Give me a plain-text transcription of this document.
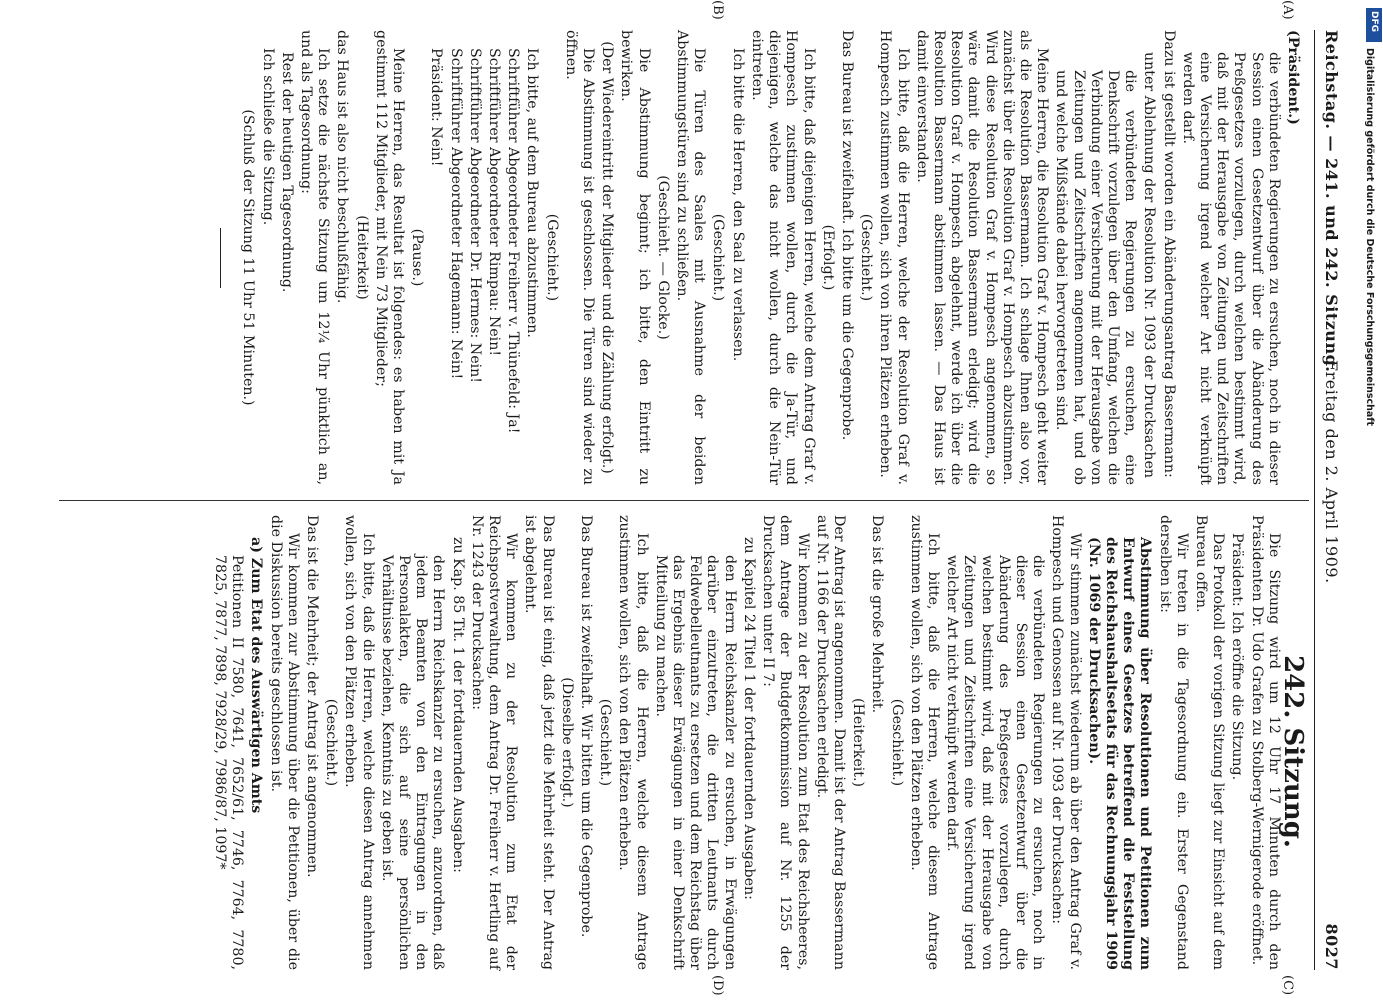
Reichstag. — 241. und 242. Sitzung.
Freitag den 2. April 1909.
8027
(A)
(B)
(C)
(D)

(Präsident.)

die verbündeten Regierungen zu ersuchen, noch in dieser Session einen Gesetzentwurf über die Abänderung des Preßgesetzes vorzulegen, durch welchen bestimmt wird, daß mit der Herausgabe von Zeitungen und Zeitschriften eine Versicherung irgend welcher Art nicht verknüpft werden darf.

Dazu ist gestellt worden ein Abänderungsantrag Bassermann:

unter Ablehnung der Resolution Nr. 1093 der Drucksachen

die verbündeten Regierungen zu ersuchen, eine Denkschrift vorzulegen über den Umfang, welchen die Verbindung einer Versicherung mit der Herausgabe von Zeitungen und Zeitschriften angenommen hat, und ob und welche Mißstände dabei hervorgetreten sind.

Meine Herren, die Resolution Graf v. Hompesch geht weiter als die Resolution Bassermann. Ich schlage Ihnen also vor, zunächst über die Resolution Graf v. Hompesch abzustimmen. Wird diese Resolution Graf v. Hompesch angenommen, so wäre damit die Resolution Bassermann erledigt; wird die Resolution Graf v. Hompesch abgelehnt, werde ich über die Resolution Bassermann abstimmen lassen. — Das Haus ist damit einverstanden.

Ich bitte, daß die Herren, welche der Resolution Graf v. Hompesch zustimmen wollen, sich von ihren Plätzen erheben.

(Geschieht.)

Das Bureau ist zweifelhaft. Ich bitte um die Gegenprobe.

(Erfolgt.)

Ich bitte, daß diejenigen Herren, welche dem Antrag Graf v. Hompesch zustimmen wollen, durch die Ja-Tür, und diejenigen, welche das nicht wollen, durch die Nein-Tür eintreten.

Ich bitte die Herren, den Saal zu verlassen.

(Geschieht.)

Die Türen des Saales mit Ausnahme der beiden Abstimmungstüren sind zu schließen.

(Geschieht. — Glocke.)

Die Abstimmung beginnt; ich bitte, den Eintritt zu bewirken.

(Der Wiedereintritt der Mitglieder und die Zählung erfolgt.)

Die Abstimmung ist geschlossen. Die Türen sind wieder zu öffnen.

(Geschieht.)

Ich bitte, auf dem Bureau abzustimmen.

Schriftführer Abgeordneter Freiherr v. Thünefeld: Ja!

Schriftführer Abgeordneter Rimpau: Nein!

Schriftführer Abgeordneter Dr. Hermes: Nein!

Schriftführer Abgeordneter Hagemann: Nein!

Präsident: Nein!

(Pause.)

Meine Herren, das Resultat ist folgendes: es haben mit Ja gestimmt 112 Mitglieder, mit Nein 73 Mitglieder;

(Heiterkeit)

das Haus ist also nicht beschlußfähig.

Ich setze die nächste Sitzung um 12¼ Uhr pünktlich an, und als Tagesordnung:

Rest der heutigen Tagesordnung.

Ich schließe die Sitzung.

(Schluß der Sitzung 11 Uhr 51 Minuten.)

242. Sitzung.

Die Sitzung wird um 12 Uhr 17 Minuten durch den Präsidenten Dr. Udo Grafen zu Stolberg-Wernigerode eröffnet.

Präsident: Ich eröffne die Sitzung.

Das Protokoll der vorigen Sitzung liegt zur Einsicht auf dem Bureau offen.

Wir treten in die Tagesordnung ein. Erster Gegenstand derselben ist:

Abstimmung über Resolutionen und Petitionen zum Entwurf eines Gesetzes betreffend die Feststellung des Reichshaushaltsetats für das Rechnungsjahr 1909 (Nr. 1069 der Drucksachen).

Wir stimmen zunächst wiederum ab über den Antrag Graf v. Hompesch und Genossen auf Nr. 1093 der Drucksachen:

die verbündeten Regierungen zu ersuchen, noch in dieser Session einen Gesetzentwurf über die Abänderung des Preßgesetzes vorzulegen, durch welchen bestimmt wird, daß mit der Herausgabe von Zeitungen und Zeitschriften eine Versicherung irgend welcher Art nicht verknüpft werden darf.

Ich bitte, daß die Herren, welche diesem Antrage zustimmen wollen, sich von den Plätzen erheben.

(Geschieht.)

Das ist die große Mehrheit.

(Heiterkeit.)

Der Antrag ist angenommen. Damit ist der Antrag Bassermann auf Nr. 1166 der Drucksachen erledigt.

Wir kommen zu der Resolution zum Etat des Reichsheeres, dem Antrage der Budgetkommission auf Nr. 1255 der Drucksachen unter II 7:

zu Kapitel 24 Titel 1 der fortdauernden Ausgaben:

den Herrn Reichskanzler zu ersuchen, in Erwägungen darüber einzutreten, die dritten Leutnants durch Feldwebelleutnants zu ersetzen und dem Reichstag über das Ergebnis dieser Erwägungen in einer Denkschrift Mitteilung zu machen.

Ich bitte, daß die Herren, welche diesem Antrage zustimmen wollen, sich von den Plätzen erheben.

(Geschieht.)

Das Bureau ist zweifelhaft. Wir bitten um die Gegenprobe.

(Dieselbe erfolgt.)

Das Bureau ist einig, daß jetzt die Mehrheit steht. Der Antrag ist abgelehnt.

Wir kommen zu der Resolution zum Etat der Reichspostverwaltung, dem Antrag Dr. Freiherr v. Hertling auf Nr. 1243 der Drucksachen:

zu Kap. 85 Tit. 1 der fortdauernden Ausgaben:

den Herrn Reichskanzler zu ersuchen, anzuordnen, daß jedem Beamten von den Eintragungen in den Personalakten, die sich auf seine persönlichen Verhältnisse beziehen, Kenntnis zu geben ist.

Ich bitte, daß die Herren, welche diesen Antrag annehmen wollen, sich von den Plätzen erheben.

(Geschieht.)

Das ist die Mehrheit; der Antrag ist angenommen.

Wir kommen zur Abstimmung über die Petitionen, über die die Diskussion bereits geschlossen ist.

a) Zum Etat des Auswärtigen Amts

Petitionen II 7580, 7641, 7652/61, 7746, 7764, 7780, 7825, 7877, 7898, 7928/29, 7986/87, 1097*

DFG
Digitalisierung gefördert durch die Deutsche Forschungsgemeinschaft
